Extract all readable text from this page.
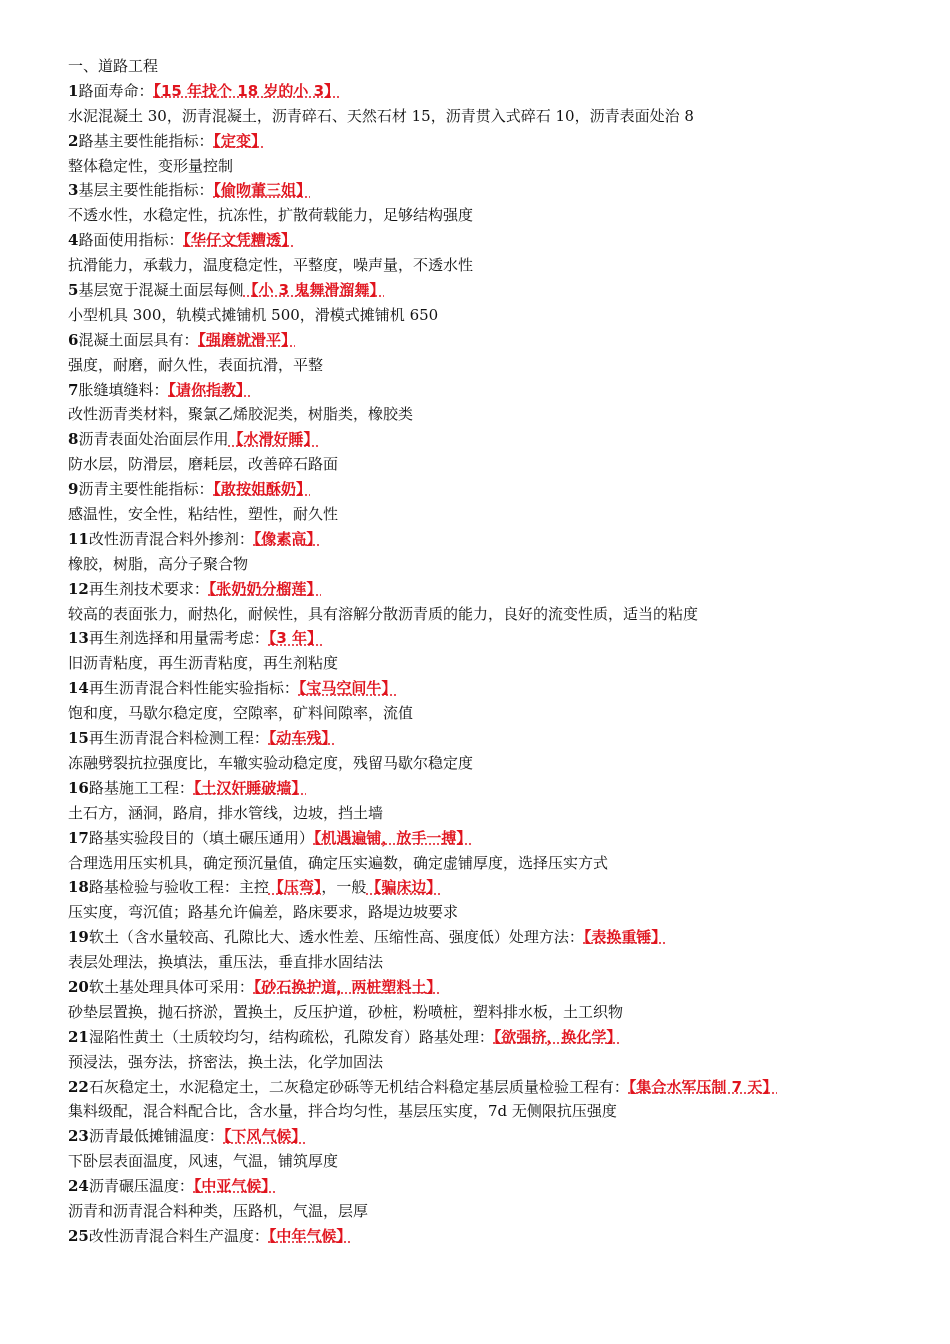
一、道路工程
1路面寿命：【15 年找个 18 岁的小 3】
水泥混凝土 30，沥青混凝土，沥青碎石、天然石材 15，沥青贯入式碎石 10，沥青表面处治 8
2路基主要性能指标：【定变】
整体稳定性，变形量控制
3基层主要性能指标：【偷吻董三姐】
不透水性，水稳定性，抗冻性，扩散荷载能力，足够结构强度
4路面使用指标：【华仔文凭糟透】
抗滑能力，承载力，温度稳定性，平整度，噪声量，不透水性
5基层宽于混凝土面层每侧【小 3 鬼舞滑溜舞】
小型机具 300，轨模式摊铺机 500，滑模式摊铺机 650
6混凝土面层具有：【强磨就滑平】
强度，耐磨，耐久性，表面抗滑，平整
7胀缝填缝料：【请你指教】
改性沥青类材料，聚氯乙烯胶泥类，树脂类，橡胶类
8沥青表面处治面层作用【水滑好睡】
防水层，防滑层，磨耗层，改善碎石路面
9沥青主要性能指标：【敢按姐酥奶】
感温性，安全性，粘结性，塑性，耐久性
11改性沥青混合料外掺剂：【像素高】
橡胶，树脂，高分子聚合物
12再生剂技术要求：【张奶奶分榴莲】
较高的表面张力，耐热化，耐候性，具有溶解分散沥青质的能力，良好的流变性质，适当的粘度
13再生剂选择和用量需考虑：【3 年】
旧沥青粘度，再生沥青粘度，再生剂粘度
14再生沥青混合料性能实验指标：【宝马空间牛】
饱和度，马歇尔稳定度，空隙率，矿料间隙率，流值
15再生沥青混合料检测工程：【动车残】
冻融劈裂抗拉强度比，车辙实验动稳定度，残留马歇尔稳定度
16路基施工工程：【土汉奸睡破墙】
土石方，涵洞，路肩，排水管线，边坡，挡土墙
17路基实验段目的（填土碾压通用）【机遇遍铺，放手一搏】
合理选用压实机具，确定预沉量值，确定压实遍数，确定虚铺厚度，选择压实方式
18路基检验与验收工程：主控【压弯】，一般【骗床边】
压实度，弯沉值；路基允许偏差，路床要求，路堤边坡要求
19软土（含水量较高、孔隙比大、透水性差、压缩性高、强度低）处理方法：【表换重锤】
表层处理法，换填法，重压法，垂直排水固结法
20软土基处理具体可采用：【砂石换护道，两桩塑料土】
砂垫层置换，抛石挤淤，置换土，反压护道，砂桩，粉喷桩，塑料排水板，土工织物
21湿陷性黄土（土质较均匀，结构疏松，孔隙发育）路基处理：【欲强挤，换化学】
预浸法，强夯法，挤密法，换土法，化学加固法
22石灰稳定土，水泥稳定土，二灰稳定砂砾等无机结合料稳定基层质量检验工程有：【集合水军压制 7 天】
集料级配，混合料配合比，含水量，拌合均匀性，基层压实度，7d 无侧限抗压强度
23沥青最低摊铺温度：【下风气候】
下卧层表面温度，风速，气温，铺筑厚度
24沥青碾压温度：【中亚气候】
沥青和沥青混合料种类，压路机，气温，层厚
25改性沥青混合料生产温度：【中年气候】
